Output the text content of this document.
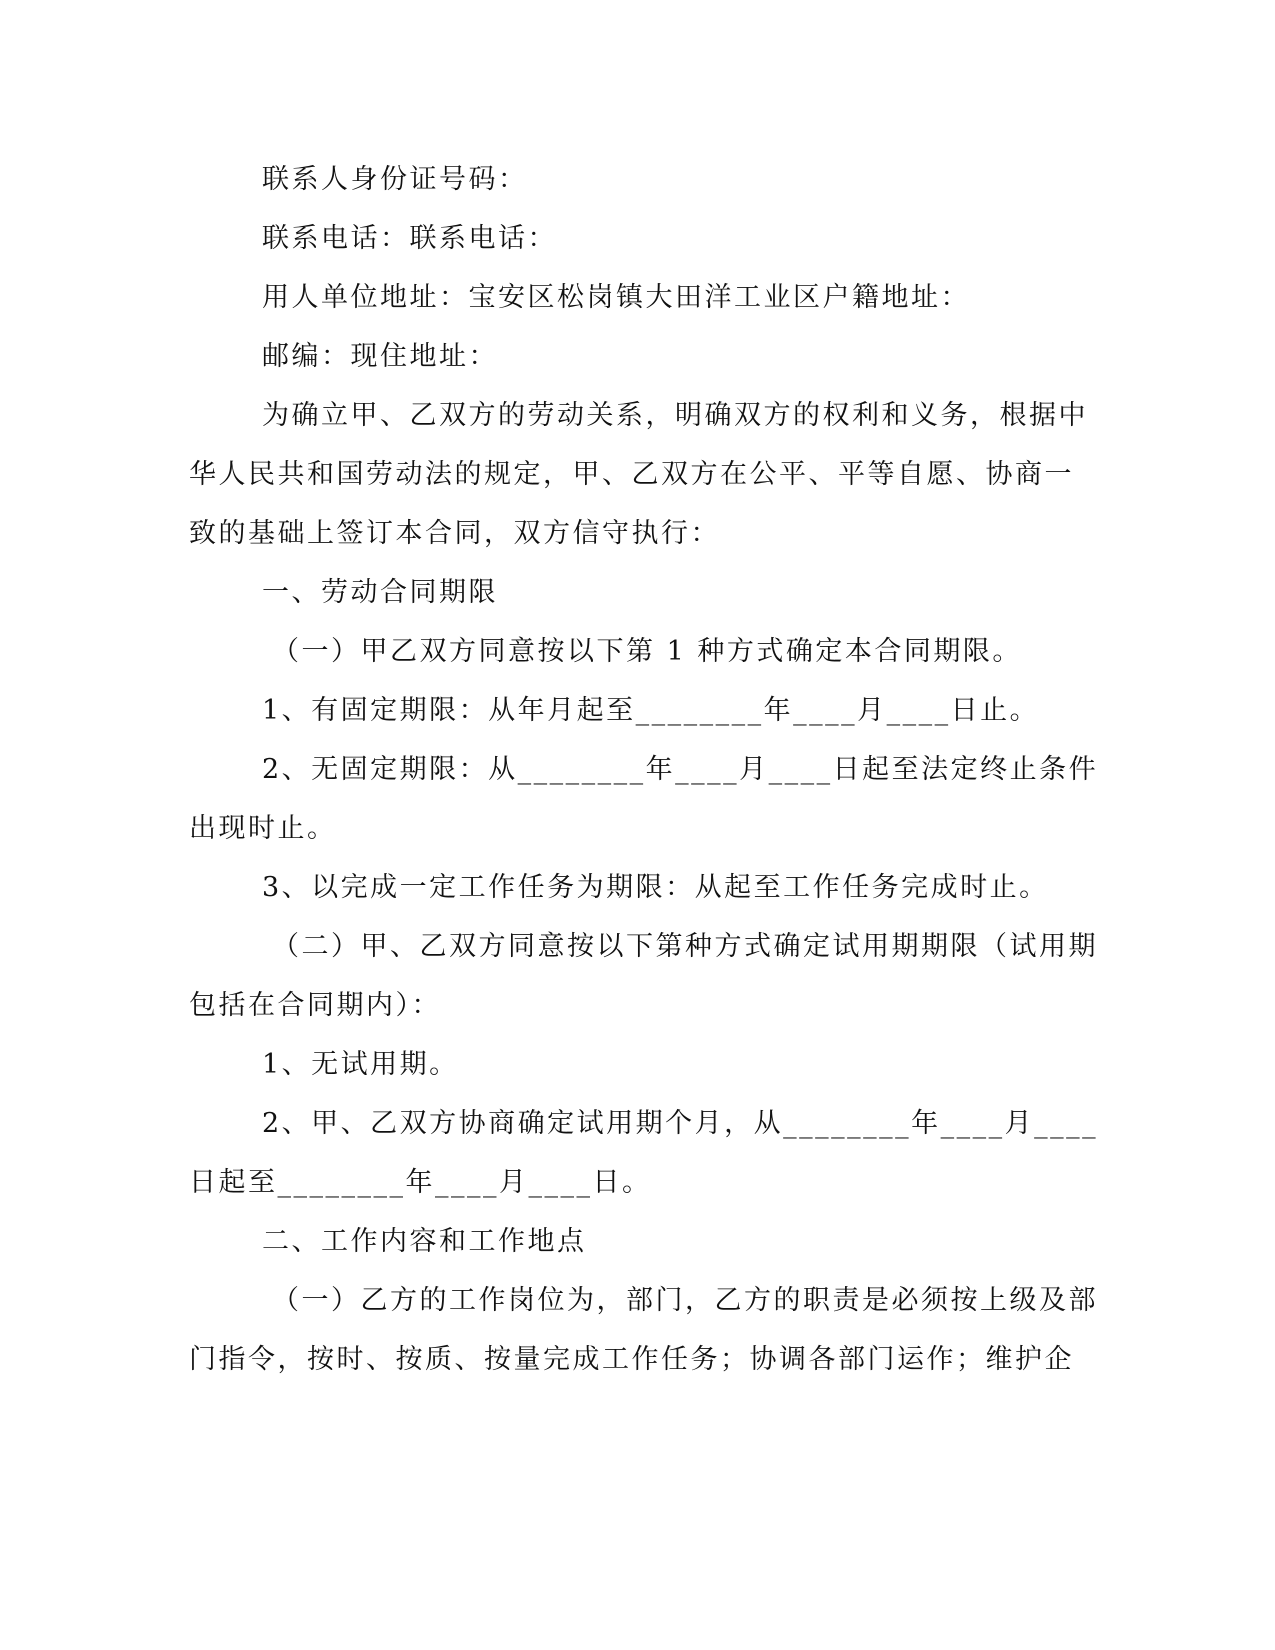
联系人身份证号码：
联系电话：联系电话：
用人单位地址：宝安区松岗镇大田洋工业区户籍地址：
邮编：现住地址：
为确立甲、乙双方的劳动关系，明确双方的权利和义务，根据中
华人民共和国劳动法的规定，甲、乙双方在公平、平等自愿、协商一
致的基础上签订本合同，双方信守执行：
一、劳动合同期限
（一）甲乙双方同意按以下第 1 种方式确定本合同期限。
1、有固定期限：从年月起至________年____月____日止。
2、无固定期限：从________年____月____日起至法定终止条件
出现时止。
3、以完成一定工作任务为期限：从起至工作任务完成时止。
（二）甲、乙双方同意按以下第种方式确定试用期期限（试用期
包括在合同期内）：
1、无试用期。
2、甲、乙双方协商确定试用期个月，从________年____月____
日起至________年____月____日。
二、工作内容和工作地点
（一）乙方的工作岗位为，部门，乙方的职责是必须按上级及部
门指令，按时、按质、按量完成工作任务；协调各部门运作；维护企
